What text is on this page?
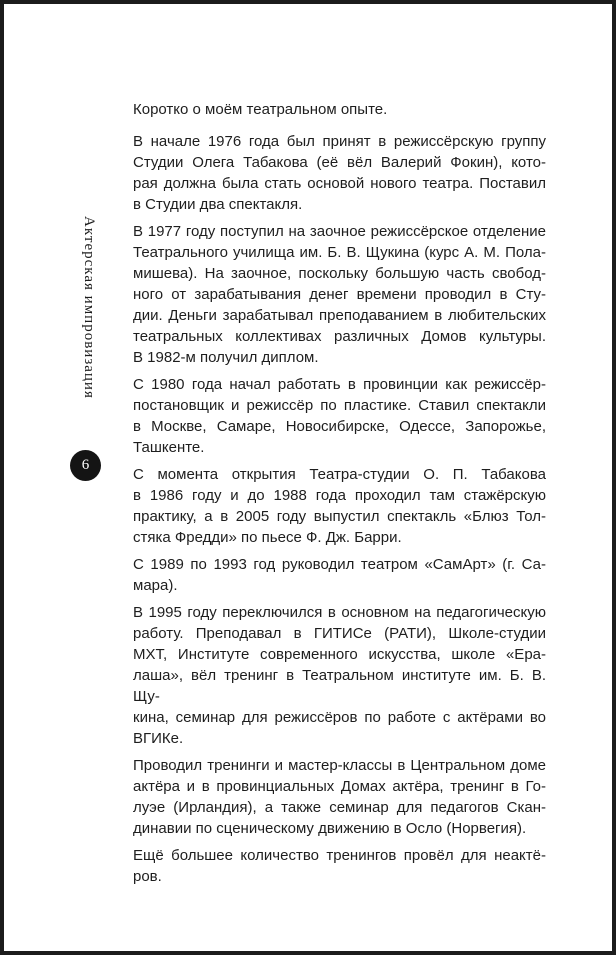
Актерская импровизация
6
Коротко о моём театральном опыте.
В начале 1976 года был принят в режиссёрскую группу
Студии Олега Табакова (её вёл Валерий Фокин), кото-
рая должна была стать основой нового театра. Поставил
в Студии два спектакля.
В 1977 году поступил на заочное режиссёрское отделение
Театрального училища им. Б. В. Щукина (курс А. М. Пола-
мишева). На заочное, поскольку большую часть свобод-
ного от зарабатывания денег времени проводил в Сту-
дии. Деньги зарабатывал преподаванием в любительских
театральных коллективах различных Домов культуры.
В 1982-м получил диплом.
С 1980 года начал работать в провинции как режиссёр-
постановщик и режиссёр по пластике. Ставил спектакли
в Москве, Самаре, Новосибирске, Одессе, Запорожье,
Ташкенте.
С момента открытия Театра-студии О. П. Табакова
в 1986 году и до 1988 года проходил там стажёрскую
практику, а в 2005 году выпустил спектакль «Блюз Тол-
стяка Фредди» по пьесе Ф. Дж. Барри.
С 1989 по 1993 год руководил театром «СамАрт» (г. Са-
мара).
В 1995 году переключился в основном на педагогическую
работу. Преподавал в ГИТИСе (РАТИ), Школе-студии
МХТ, Институте современного искусства, школе «Ера-
лаша», вёл тренинг в Театральном институте им. Б. В. Щу-
кина, семинар для режиссёров по работе с актёрами во
ВГИКе.
Проводил тренинги и мастер-классы в Центральном доме
актёра и в провинциальных Домах актёра, тренинг в Го-
луэе (Ирландия), а также семинар для педагогов Скан-
динавии по сценическому движению в Осло (Норвегия).
Ещё большее количество тренингов провёл для неактё-
ров.
